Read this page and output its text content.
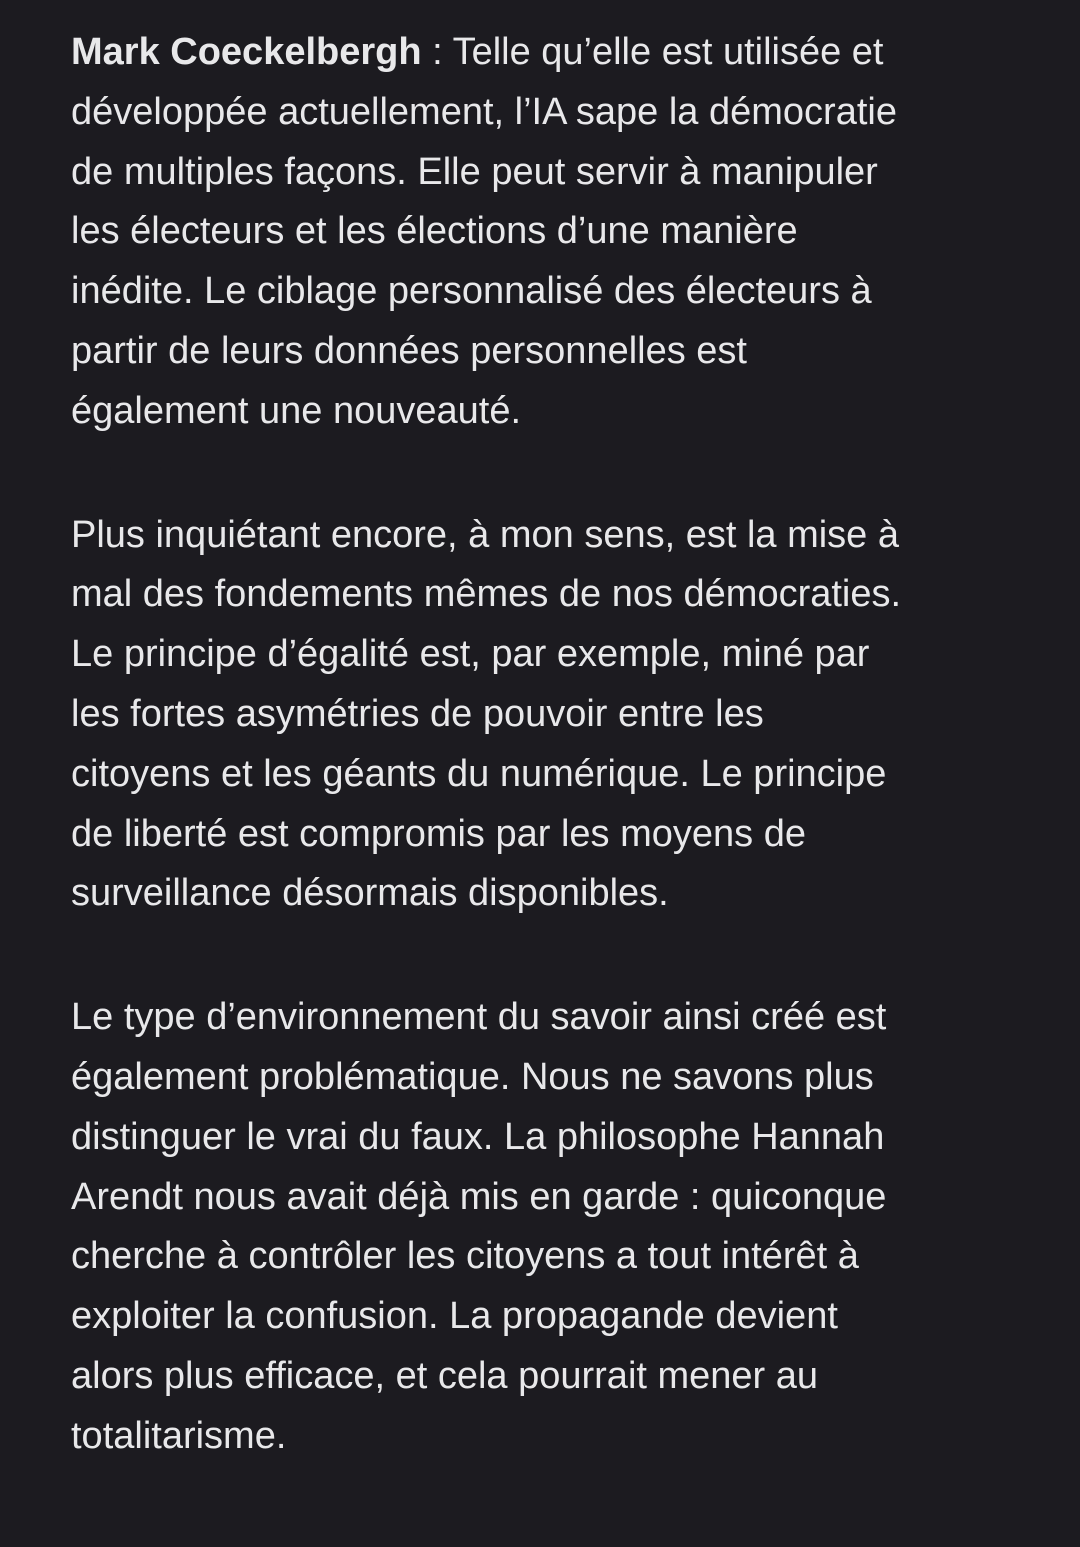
Mark Coeckelbergh : Telle qu’elle est utilisée et
développée actuellement, l’IA sape la démocratie
de multiples façons. Elle peut servir à manipuler
les électeurs et les élections d’une manière
inédite. Le ciblage personnalisé des électeurs à
partir de leurs données personnelles est
également une nouveauté.

Plus inquiétant encore, à mon sens, est la mise à
mal des fondements mêmes de nos démocraties.
Le principe d’égalité est, par exemple, miné par
les fortes asymétries de pouvoir entre les
citoyens et les géants du numérique. Le principe
de liberté est compromis par les moyens de
surveillance désormais disponibles.

Le type d’environnement du savoir ainsi créé est
également problématique. Nous ne savons plus
distinguer le vrai du faux. La philosophe Hannah
Arendt nous avait déjà mis en garde : quiconque
cherche à contrôler les citoyens a tout intérêt à
exploiter la confusion. La propagande devient
alors plus efficace, et cela pourrait mener au
totalitarisme.
